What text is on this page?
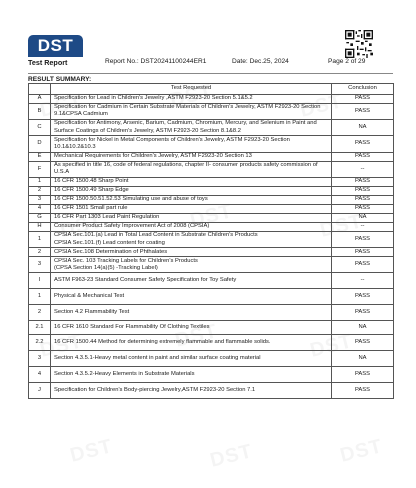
DST
Test Report	Report No.: DST20241100244ER1	Date: Dec.25, 2024	Page 2 of 29
RESULT SUMMARY:
	Test Requested	Conclusion
A	Specification for Lead in Children's Jewelry ,ASTM F2923-20 Section 5.1&5.2	PASS
B	Specification for Cadmium in Certain Substrate Materials of Children's Jewelry, ASTM F2923-20 Section 9.1&CPSA Cadmium	PASS
C	Specification for Antimony, Arsenic, Barium, Cadmium, Chromium, Mercury, and Selenium in Paint and Surface Coatings of Children's Jewelry, ASTM F2923-20 Section 8.1&8.2	NA
D	Specification for Nickel in Metal Components of Children's Jewelry, ASTM F2923-20 Section 10.1&10.2&10.3	PASS
E	Mechanical Requirements for Children's Jewelry, ASTM F2923-20 Section 13	PASS
F	As specified in title 16, code of federal regulations, chapter II- consumer products safety commission of U.S.A	--
1	16 CFR 1500.48 Sharp Point	PASS
2	16 CFR 1500.49 Sharp Edge	PASS
3	16 CFR 1500.50.51.52.53 Simulating use and abuse of toys	PASS
4	16 CFR 1501 Small part rule	PASS
G	16 CFR Part 1303 Lead Paint Regulation	NA
H	Consumer Product Safety Improvement Act of 2008 (CPSIA)	--
1	CPSIA Sec.101.(a) Lead in Total Lead Content in Substrate Children's Products
CPSIA Sec.101.(f) Lead content for coating	PASS
2	CPSIA Sec.108 Determination of Phthalates	PASS
3	CPSIA Sec. 103 Tracking Labels for Children's Products
(CPSA Section 14(a)(5) -Tracking Label)	PASS
I	ASTM F963-23 Standard Consumer Safety Specification for Toy Safety	--
1	Physical & Mechanical Test	PASS
2	Section 4.2 Flammability Test	PASS
2.1	16 CFR 1610 Standard For Flammability Of Clothing Textiles	NA
2.2	16 CFR 1500.44 Method for determining extremely flammable and flammable solids.	PASS
3	Section 4.3.5.1-Heavy metal content in paint and similar surface coating material	NA
4	Section 4.3.5.2-Heavy Elements in Substrate Materials	PASS
J	Specification for Children's Body-piercing Jewelry,ASTM F2923-20 Section 7.1	PASS
